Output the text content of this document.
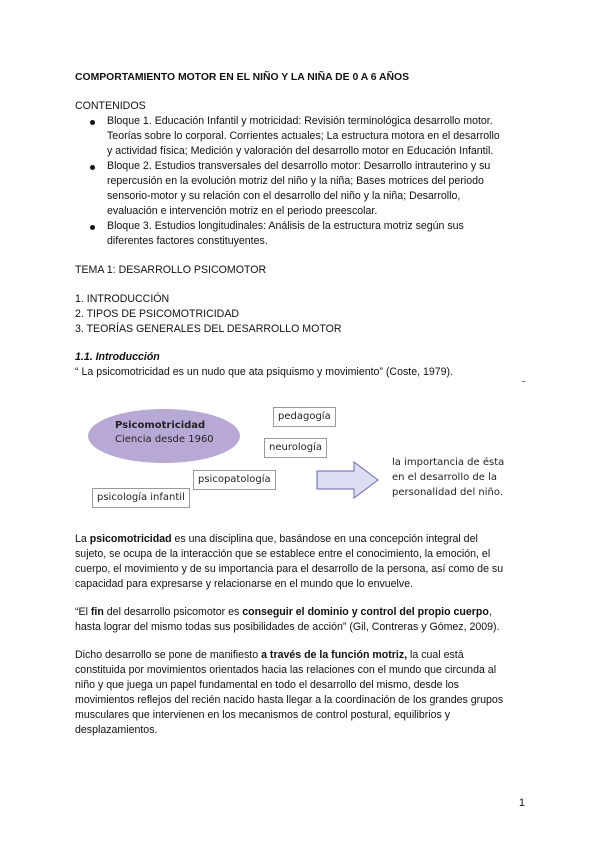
COMPORTAMIENTO MOTOR EN EL NIÑO Y LA NIÑA DE 0 A 6 AÑOS
CONTENIDOS
Bloque 1. Educación Infantil y motricidad: Revisión terminológica desarrollo motor.
Teorías sobre lo corporal. Corrientes actuales; La estructura motora en el desarrollo
y actividad física; Medición y valoración del desarrollo motor en Educación Infantil.
Bloque 2. Estudios transversales del desarrollo motor: Desarrollo intrauterino y su
repercusión en la evolución motriz del niño y la niña; Bases motrices del periodo
sensorio-motor y su relación con el desarrollo del niño y la niña; Desarrollo,
evaluación e intervención motriz en el periodo preescolar.
Bloque 3. Estudios longitudinales: Análisis de la estructura motriz según sus
diferentes factores constituyentes.
TEMA 1: DESARROLLO PSICOMOTOR
1. INTRODUCCIÓN
2. TIPOS DE PSICOMOTRICIDAD
3. TEORÍAS GENERALES DEL DESARROLLO MOTOR
1.1. Introducción
“ La psicomotricidad es un nudo que ata psiquismo y movimiento” (Coste, 1979).
Psicomotricidad
Ciencia desde 1960
pedagogía
neurología
psicopatología
psicología infantil
la importancia de ésta
en el desarrollo de la
personalidad del niño.
La psicomotricidad es una disciplina que, basándose en una concepción integral del
sujeto, se ocupa de la interacción que se establece entre el conocimiento, la emoción, el
cuerpo, el movimiento y de su importancia para el desarrollo de la persona, así como de su
capacidad para expresarse y relacionarse en el mundo que lo envuelve.
“El fin del desarrollo psicomotor es conseguir el dominio y control del propio cuerpo,
hasta lograr del mismo todas sus posibilidades de acción” (Gil, Contreras y Gómez, 2009).
Dicho desarrollo se pone de manifiesto a través de la función motriz, la cual está
constituida por movimientos orientados hacia las relaciones con el mundo que circunda al
niño y que juega un papel fundamental en todo el desarrollo del mismo, desde los
movimientos reflejos del recién nacido hasta llegar a la coordinación de los grandes grupos
musculares que intervienen en los mecanismos de control postural, equilibrios y
desplazamientos.
1
